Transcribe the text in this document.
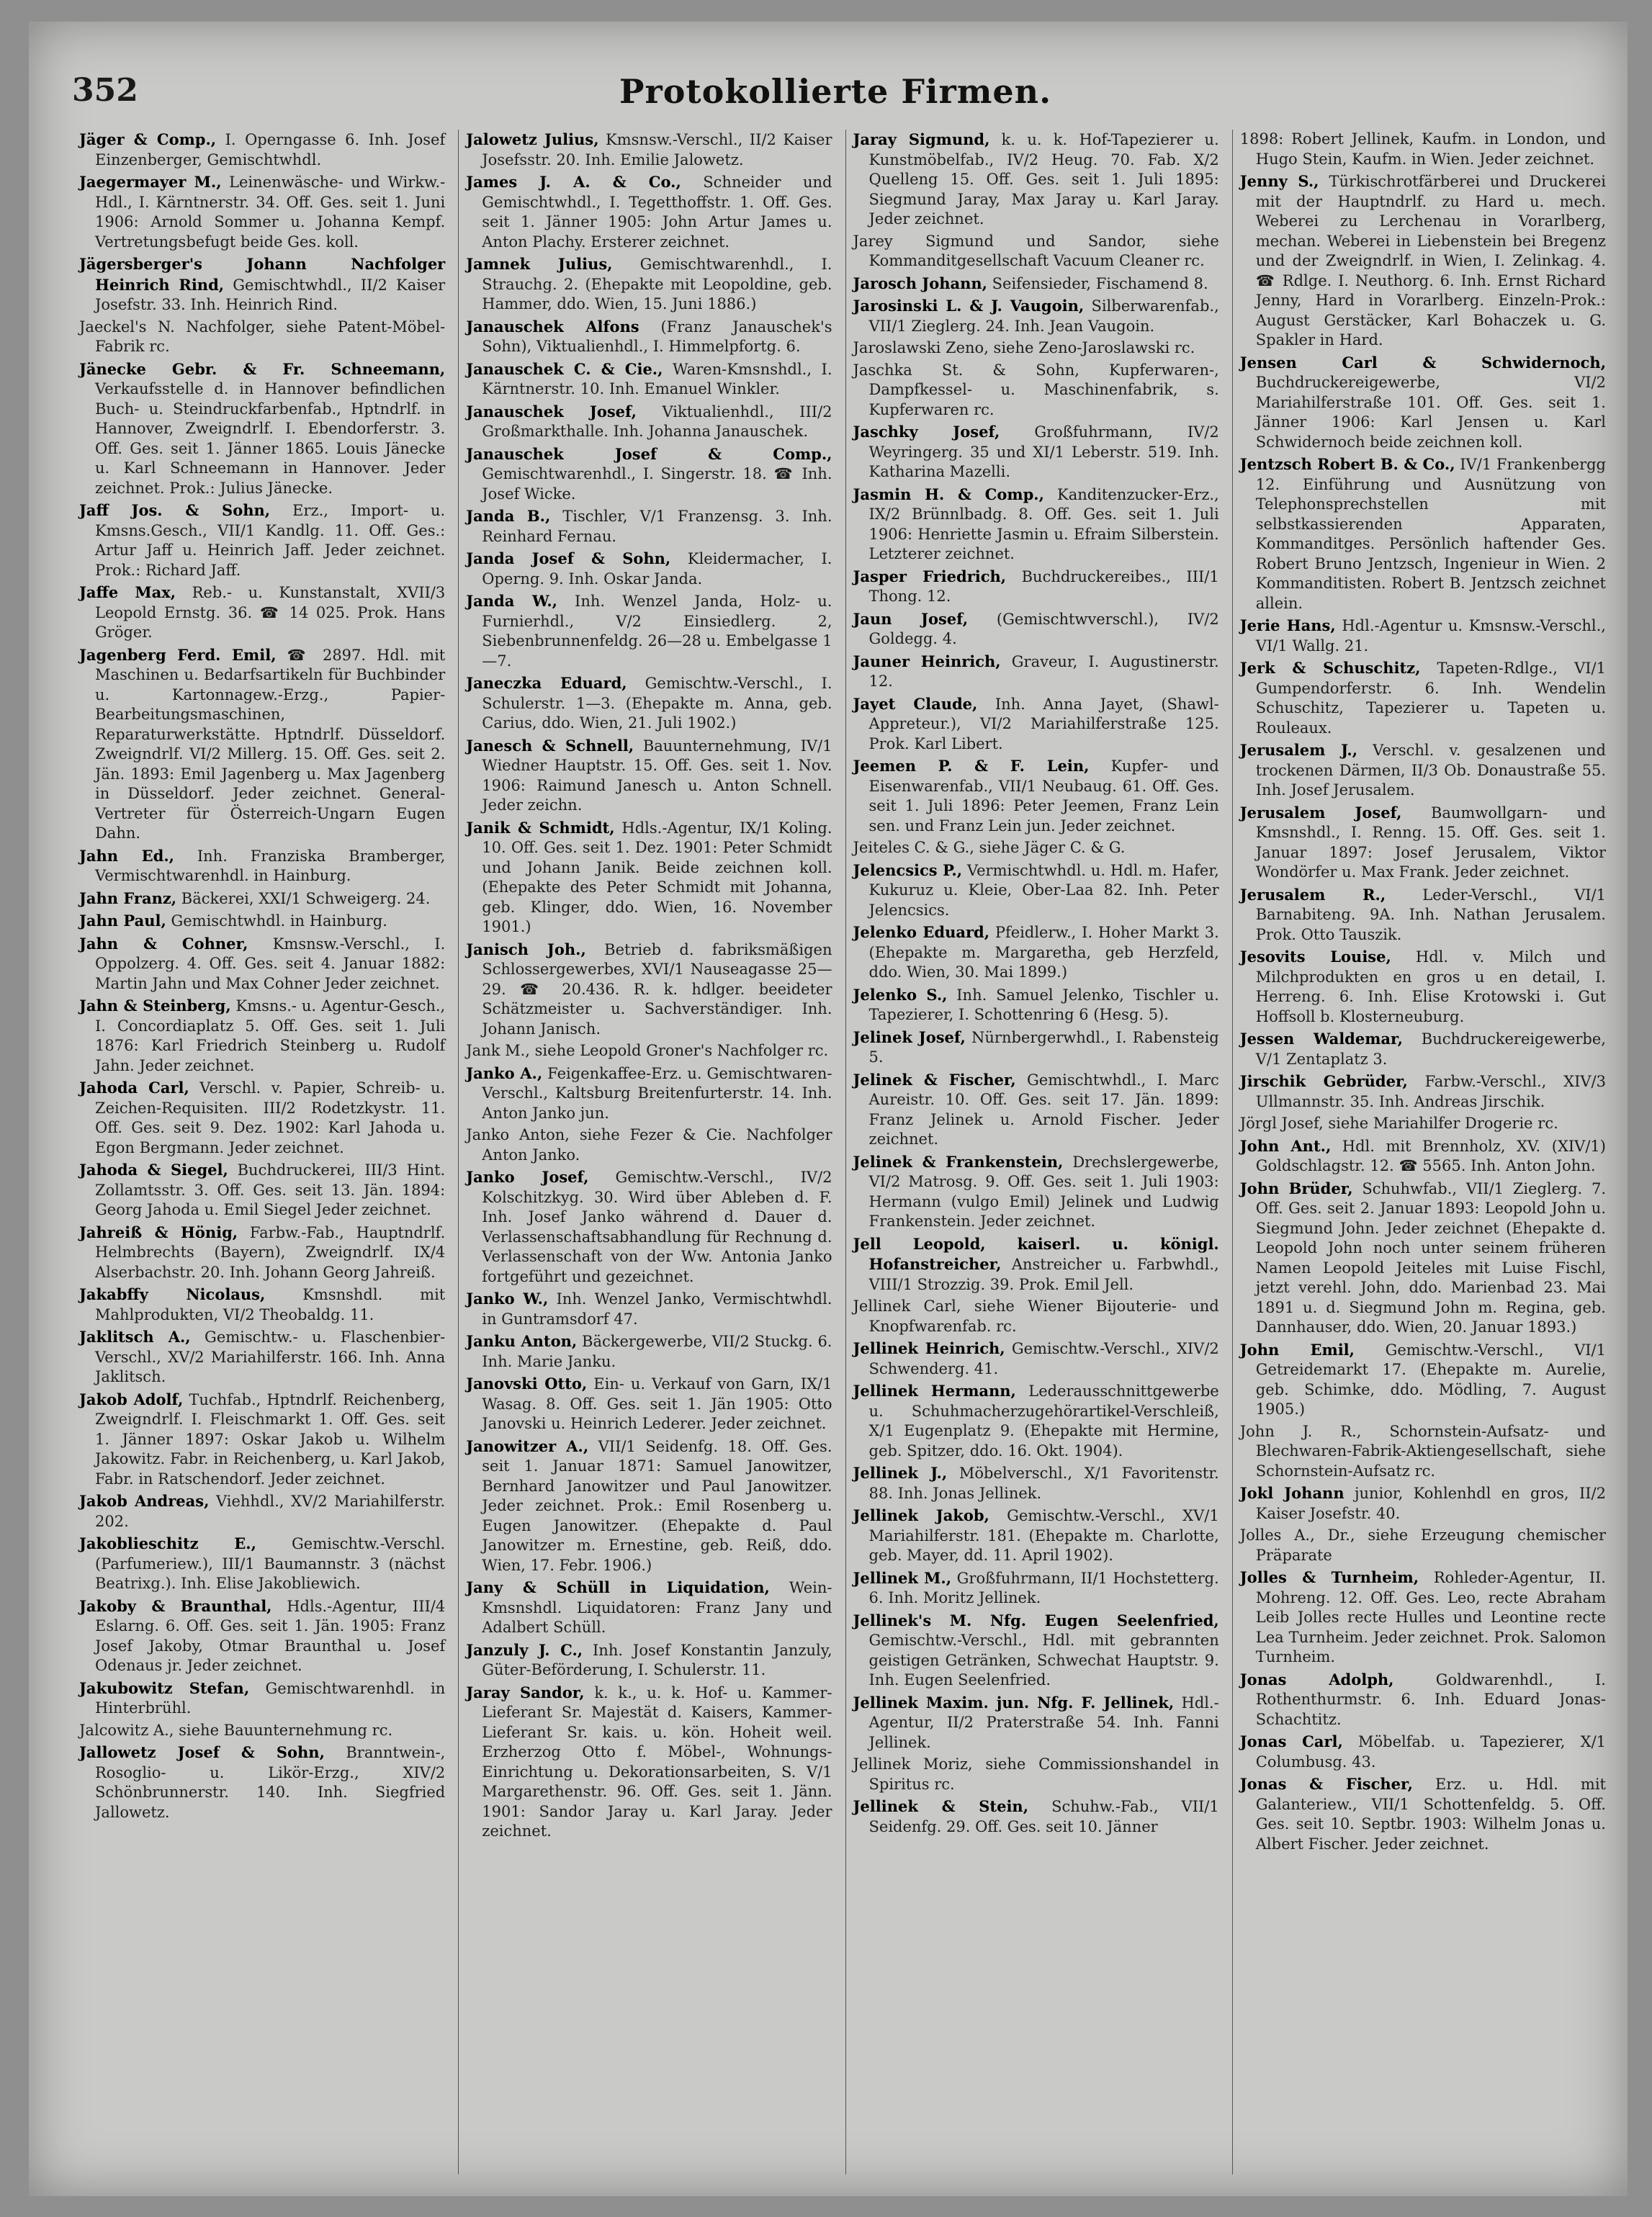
352	Protokollierte Firmen.

Jäger & Comp., I. Operngasse 6. Inh. Josef Einzenberger, Gemischtwhdl.

Jaegermayer M., Leinenwäsche- und Wirkw.-Hdl., I. Kärntnerstr. 34. Off. Ges. seit 1. Juni 1906: Arnold Sommer u. Johanna Kempf. Vertretungsbefugt beide Ges. koll.

Jägersberger's Johann Nachfolger Heinrich Rind, Gemischtwhdl., II/2 Kaiser Josefstr. 33. Inh. Heinrich Rind.

Jaeckel's N. Nachfolger, siehe Patent-Möbel-Fabrik rc.

Jänecke Gebr. & Fr. Schneemann, Verkaufsstelle d. in Hannover befindlichen Buch- u. Steindruckfarbenfab., Hptndrlf. in Hannover, Zweigndrlf. I. Ebendorferstr. 3. Off. Ges. seit 1. Jänner 1865. Louis Jänecke u. Karl Schneemann in Hannover. Jeder zeichnet. Prok.: Julius Jänecke.

Jaff Jos. & Sohn, Erz., Import- u. Kmsns.Gesch., VII/1 Kandlg. 11. Off. Ges.: Artur Jaff u. Heinrich Jaff. Jeder zeichnet. Prok.: Richard Jaff.

Jaffe Max, Reb.- u. Kunstanstalt, XVII/3 Leopold Ernstg. 36. ☎ 14 025. Prok. Hans Gröger.

Jagenberg Ferd. Emil, ☎ 2897. Hdl. mit Maschinen u. Bedarfsartikeln für Buchbinder u. Kartonnagew.-Erzg., Papier-Bearbeitungsmaschinen, Reparaturwerkstätte. Hptndrlf. Düsseldorf. Zweigndrlf. VI/2 Millerg. 15. Off. Ges. seit 2. Jän. 1893: Emil Jagenberg u. Max Jagenberg in Düsseldorf. Jeder zeichnet. General-Vertreter für Österreich-Ungarn Eugen Dahn.

Jahn Ed., Inh. Franziska Bramberger, Vermischtwarenhdl. in Hainburg.

Jahn Franz, Bäckerei, XXI/1 Schweigerg. 24.

Jahn Paul, Gemischtwhdl. in Hainburg.

Jahn & Cohner, Kmsnsw.-Verschl., I. Oppolzerg. 4. Off. Ges. seit 4. Januar 1882: Martin Jahn und Max Cohner Jeder zeichnet.

Jahn & Steinberg, Kmsns.- u. Agentur-Gesch., I. Concordiaplatz 5. Off. Ges. seit 1. Juli 1876: Karl Friedrich Steinberg u. Rudolf Jahn. Jeder zeichnet.

Jahoda Carl, Verschl. v. Papier, Schreib- u. Zeichen-Requisiten. III/2 Rodetzkystr. 11. Off. Ges. seit 9. Dez. 1902: Karl Jahoda u. Egon Bergmann. Jeder zeichnet.

Jahoda & Siegel, Buchdruckerei, III/3 Hint. Zollamtsstr. 3. Off. Ges. seit 13. Jän. 1894: Georg Jahoda u. Emil Siegel Jeder zeichnet.

Jahreiß & Hönig, Farbw.-Fab., Hauptndrlf. Helmbrechts (Bayern), Zweigndrlf. IX/4 Alserbachstr. 20. Inh. Johann Georg Jahreiß.

Jakabffy Nicolaus, Kmsnshdl. mit Mahlprodukten, VI/2 Theobaldg. 11.

Jaklitsch A., Gemischtw.- u. Flaschenbier-Verschl., XV/2 Mariahilferstr. 166. Inh. Anna Jaklitsch.

Jakob Adolf, Tuchfab., Hptndrlf. Reichenberg, Zweigndrlf. I. Fleischmarkt 1. Off. Ges. seit 1. Jänner 1897: Oskar Jakob u. Wilhelm Jakowitz. Fabr. in Reichenberg, u. Karl Jakob, Fabr. in Ratschendorf. Jeder zeichnet.

Jakob Andreas, Viehhdl., XV/2 Mariahilferstr. 202.

Jakoblieschitz E., Gemischtw.-Verschl. (Parfumeriew.), III/1 Baumannstr. 3 (nächst Beatrixg.). Inh. Elise Jakobliewich.

Jakoby & Braunthal, Hdls.-Agentur, III/4 Eslarng. 6. Off. Ges. seit 1. Jän. 1905: Franz Josef Jakoby, Otmar Braunthal u. Josef Odenaus jr. Jeder zeichnet.

Jakubowitz Stefan, Gemischtwarenhdl. in Hinterbrühl.

Jalcowitz A., siehe Bauunternehmung rc.

Jallowetz Josef & Sohn, Branntwein-, Rosoglio- u. Likör-Erzg., XIV/2 Schönbrunnerstr. 140. Inh. Siegfried Jallowetz.

Jalowetz Julius, Kmsnsw.-Verschl., II/2 Kaiser Josefsstr. 20. Inh. Emilie Jalowetz.

James J. A. & Co., Schneider und Gemischtwhdl., I. Tegetthoffstr. 1. Off. Ges. seit 1. Jänner 1905: John Artur James u. Anton Plachy. Ersterer zeichnet.

Jamnek Julius, Gemischtwarenhdl., I. Strauchg. 2. (Ehepakte mit Leopoldine, geb. Hammer, ddo. Wien, 15. Juni 1886.)

Janauschek Alfons (Franz Janauschek's Sohn), Viktualienhdl., I. Himmelpfortg. 6.

Janauschek C. & Cie., Waren-Kmsnshdl., I. Kärntnerstr. 10. Inh. Emanuel Winkler.

Janauschek Josef, Viktualienhdl., III/2 Großmarkthalle. Inh. Johanna Janauschek.

Janauschek Josef & Comp., Gemischtwarenhdl., I. Singerstr. 18. ☎ Inh. Josef Wicke.

Janda B., Tischler, V/1 Franzensg. 3. Inh. Reinhard Fernau.

Janda Josef & Sohn, Kleidermacher, I. Operng. 9. Inh. Oskar Janda.

Janda W., Inh. Wenzel Janda, Holz- u. Furnierhdl., V/2 Einsiedlerg. 2, Siebenbrunnenfeldg. 26—28 u. Embelgasse 1—7.

Janeczka Eduard, Gemischtw.-Verschl., I. Schulerstr. 1—3. (Ehepakte m. Anna, geb. Carius, ddo. Wien, 21. Juli 1902.)

Janesch & Schnell, Bauunternehmung, IV/1 Wiedner Hauptstr. 15. Off. Ges. seit 1. Nov. 1906: Raimund Janesch u. Anton Schnell. Jeder zeichn.

Janik & Schmidt, Hdls.-Agentur, IX/1 Koling. 10. Off. Ges. seit 1. Dez. 1901: Peter Schmidt und Johann Janik. Beide zeichnen koll. (Ehepakte des Peter Schmidt mit Johanna, geb. Klinger, ddo. Wien, 16. November 1901.)

Janisch Joh., Betrieb d. fabriksmäßigen Schlossergewerbes, XVI/1 Nauseagasse 25—29. ☎ 20.436. R. k. hdlger. beeideter Schätzmeister u. Sachverständiger. Inh. Johann Janisch.

Jank M., siehe Leopold Groner's Nachfolger rc.

Janko A., Feigenkaffee-Erz. u. Gemischtwaren-Verschl., Kaltsburg Breitenfurterstr. 14. Inh. Anton Janko jun.

Janko Anton, siehe Fezer & Cie. Nachfolger Anton Janko.

Janko Josef, Gemischtw.-Verschl., IV/2 Kolschitzkyg. 30. Wird über Ableben d. F. Inh. Josef Janko während d. Dauer d. Verlassenschaftsabhandlung für Rechnung d. Verlassenschaft von der Ww. Antonia Janko fortgeführt und gezeichnet.

Janko W., Inh. Wenzel Janko, Vermischtwhdl. in Guntramsdorf 47.

Janku Anton, Bäckergewerbe, VII/2 Stuckg. 6. Inh. Marie Janku.

Janovski Otto, Ein- u. Verkauf von Garn, IX/1 Wasag. 8. Off. Ges. seit 1. Jän 1905: Otto Janovski u. Heinrich Lederer. Jeder zeichnet.

Janowitzer A., VII/1 Seidenfg. 18. Off. Ges. seit 1. Januar 1871: Samuel Janowitzer, Bernhard Janowitzer und Paul Janowitzer. Jeder zeichnet. Prok.: Emil Rosenberg u. Eugen Janowitzer. (Ehepakte d. Paul Janowitzer m. Ernestine, geb. Reiß, ddo. Wien, 17. Febr. 1906.)

Jany & Schüll in Liquidation, Wein-Kmsnshdl. Liquidatoren: Franz Jany und Adalbert Schüll.

Janzuly J. C., Inh. Josef Konstantin Janzuly, Güter-Beförderung, I. Schulerstr. 11.

Jaray Sandor, k. k., u. k. Hof- u. Kammer-Lieferant Sr. Majestät d. Kaisers, Kammer-Lieferant Sr. kais. u. kön. Hoheit weil. Erzherzog Otto f. Möbel-, Wohnungs-Einrichtung u. Dekorationsarbeiten, S. V/1 Margarethenstr. 96. Off. Ges. seit 1. Jänn. 1901: Sandor Jaray u. Karl Jaray. Jeder zeichnet.

Jaray Sigmund, k. u. k. Hof-Tapezierer u. Kunstmöbelfab., IV/2 Heug. 70. Fab. X/2 Quelleng 15. Off. Ges. seit 1. Juli 1895: Siegmund Jaray, Max Jaray u. Karl Jaray. Jeder zeichnet.

Jarey Sigmund und Sandor, siehe Kommanditgesellschaft Vacuum Cleaner rc.

Jarosch Johann, Seifensieder, Fischamend 8.

Jarosinski L. & J. Vaugoin, Silberwarenfab., VII/1 Zieglerg. 24. Inh. Jean Vaugoin.

Jaroslawski Zeno, siehe Zeno-Jaroslawski rc.

Jaschka St. & Sohn, Kupferwaren-, Dampfkessel- u. Maschinenfabrik, s. Kupferwaren rc.

Jaschky Josef, Großfuhrmann, IV/2 Weyringerg. 35 und XI/1 Leberstr. 519. Inh. Katharina Mazelli.

Jasmin H. & Comp., Kanditenzucker-Erz., IX/2 Brünnlbadg. 8. Off. Ges. seit 1. Juli 1906: Henriette Jasmin u. Efraim Silberstein. Letzterer zeichnet.

Jasper Friedrich, Buchdruckereibes., III/1 Thong. 12.

Jaun Josef, (Gemischtwverschl.), IV/2 Goldegg. 4.

Jauner Heinrich, Graveur, I. Augustinerstr. 12.

Jayet Claude, Inh. Anna Jayet, (Shawl-Appreteur.), VI/2 Mariahilferstraße 125. Prok. Karl Libert.

Jeemen P. & F. Lein, Kupfer- und Eisenwarenfab., VII/1 Neubaug. 61. Off. Ges. seit 1. Juli 1896: Peter Jeemen, Franz Lein sen. und Franz Lein jun. Jeder zeichnet.

Jeiteles C. & G., siehe Jäger C. & G.

Jelencsics P., Vermischtwhdl. u. Hdl. m. Hafer, Kukuruz u. Kleie, Ober-Laa 82. Inh. Peter Jelencsics.

Jelenko Eduard, Pfeidlerw., I. Hoher Markt 3. (Ehepakte m. Margaretha, geb Herzfeld, ddo. Wien, 30. Mai 1899.)

Jelenko S., Inh. Samuel Jelenko, Tischler u. Tapezierer, I. Schottenring 6 (Hesg. 5).

Jelinek Josef, Nürnbergerwhdl., I. Rabensteig 5.

Jelinek & Fischer, Gemischtwhdl., I. Marc Aureistr. 10. Off. Ges. seit 17. Jän. 1899: Franz Jelinek u. Arnold Fischer. Jeder zeichnet.

Jelinek & Frankenstein, Drechslergewerbe, VI/2 Matrosg. 9. Off. Ges. seit 1. Juli 1903: Hermann (vulgo Emil) Jelinek und Ludwig Frankenstein. Jeder zeichnet.

Jell Leopold, kaiserl. u. königl. Hofanstreicher, Anstreicher u. Farbwhdl., VIII/1 Strozzig. 39. Prok. Emil Jell.

Jellinek Carl, siehe Wiener Bijouterie- und Knopfwarenfab. rc.

Jellinek Heinrich, Gemischtw.-Verschl., XIV/2 Schwenderg. 41.

Jellinek Hermann, Lederausschnittgewerbe u. Schuhmacherzugehörartikel-Verschleiß, X/1 Eugenplatz 9. (Ehepakte mit Hermine, geb. Spitzer, ddo. 16. Okt. 1904).

Jellinek J., Möbelverschl., X/1 Favoritenstr. 88. Inh. Jonas Jellinek.

Jellinek Jakob, Gemischtw.-Verschl., XV/1 Mariahilferstr. 181. (Ehepakte m. Charlotte, geb. Mayer, dd. 11. April 1902).

Jellinek M., Großfuhrmann, II/1 Hochstetterg. 6. Inh. Moritz Jellinek.

Jellinek's M. Nfg. Eugen Seelenfried, Gemischtw.-Verschl., Hdl. mit gebrannten geistigen Getränken, Schwechat Hauptstr. 9. Inh. Eugen Seelenfried.

Jellinek Maxim. jun. Nfg. F. Jellinek, Hdl.-Agentur, II/2 Praterstraße 54. Inh. Fanni Jellinek.

Jellinek Moriz, siehe Commissionshandel in Spiritus rc.

Jellinek & Stein, Schuhw.-Fab., VII/1 Seidenfg. 29. Off. Ges. seit 10. Jänner

1898: Robert Jellinek, Kaufm. in London, und Hugo Stein, Kaufm. in Wien. Jeder zeichnet.

Jenny S., Türkischrotfärberei und Druckerei mit der Hauptndrlf. zu Hard u. mech. Weberei zu Lerchenau in Vorarlberg, mechan. Weberei in Liebenstein bei Bregenz und der Zweigndrlf. in Wien, I. Zelinkag. 4. ☎ Rdlge. I. Neuthorg. 6. Inh. Ernst Richard Jenny, Hard in Vorarlberg. Einzeln-Prok.: August Gerstäcker, Karl Bohaczek u. G. Spakler in Hard.

Jensen Carl & Schwidernoch, Buchdruckereigewerbe, VI/2 Mariahilferstraße 101. Off. Ges. seit 1. Jänner 1906: Karl Jensen u. Karl Schwidernoch beide zeichnen koll.

Jentzsch Robert B. & Co., IV/1 Frankenbergg 12. Einführung und Ausnützung von Telephonsprechstellen mit selbstkassierenden Apparaten, Kommanditges. Persönlich haftender Ges. Robert Bruno Jentzsch, Ingenieur in Wien. 2 Kommanditisten. Robert B. Jentzsch zeichnet allein.

Jerie Hans, Hdl.-Agentur u. Kmsnsw.-Verschl., VI/1 Wallg. 21.

Jerk & Schuschitz, Tapeten-Rdlge., VI/1 Gumpendorferstr. 6. Inh. Wendelin Schuschitz, Tapezierer u. Tapeten u. Rouleaux.

Jerusalem J., Verschl. v. gesalzenen und trockenen Därmen, II/3 Ob. Donaustraße 55. Inh. Josef Jerusalem.

Jerusalem Josef, Baumwollgarn- und Kmsnshdl., I. Renng. 15. Off. Ges. seit 1. Januar 1897: Josef Jerusalem, Viktor Wondörfer u. Max Frank. Jeder zeichnet.

Jerusalem R., Leder-Verschl., VI/1 Barnabiteng. 9A. Inh. Nathan Jerusalem. Prok. Otto Tauszik.

Jesovits Louise, Hdl. v. Milch und Milchprodukten en gros u en detail, I. Herreng. 6. Inh. Elise Krotowski i. Gut Hoffsoll b. Klosterneuburg.

Jessen Waldemar, Buchdruckereigewerbe, V/1 Zentaplatz 3.

Jirschik Gebrüder, Farbw.-Verschl., XIV/3 Ullmannstr. 35. Inh. Andreas Jirschik.

Jörgl Josef, siehe Mariahilfer Drogerie rc.

John Ant., Hdl. mit Brennholz, XV. (XIV/1) Goldschlagstr. 12. ☎ 5565. Inh. Anton John.

John Brüder, Schuhwfab., VII/1 Zieglerg. 7. Off. Ges. seit 2. Januar 1893: Leopold John u. Siegmund John. Jeder zeichnet (Ehepakte d. Leopold John noch unter seinem früheren Namen Leopold Jeiteles mit Luise Fischl, jetzt verehl. John, ddo. Marienbad 23. Mai 1891 u. d. Siegmund John m. Regina, geb. Dannhauser, ddo. Wien, 20. Januar 1893.)

John Emil, Gemischtw.-Verschl., VI/1 Getreidemarkt 17. (Ehepakte m. Aurelie, geb. Schimke, ddo. Mödling, 7. August 1905.)

John J. R., Schornstein-Aufsatz- und Blechwaren-Fabrik-Aktiengesellschaft, siehe Schornstein-Aufsatz rc.

Jokl Johann junior, Kohlenhdl en gros, II/2 Kaiser Josefstr. 40.

Jolles A., Dr., siehe Erzeugung chemischer Präparate

Jolles & Turnheim, Rohleder-Agentur, II. Mohreng. 12. Off. Ges. Leo, recte Abraham Leib Jolles recte Hulles und Leontine recte Lea Turnheim. Jeder zeichnet. Prok. Salomon Turnheim.

Jonas Adolph,	Goldwarenhdl., I. Rothenthurmstr. 6. Inh. Eduard Jonas-Schachtitz.

Jonas Carl, Möbelfab. u. Tapezierer, X/1 Columbusg. 43.

Jonas & Fischer, Erz. u. Hdl. mit Galanteriew., VII/1 Schottenfeldg. 5. Off. Ges. seit 10. Septbr. 1903: Wilhelm Jonas u. Albert Fischer. Jeder zeichnet.
